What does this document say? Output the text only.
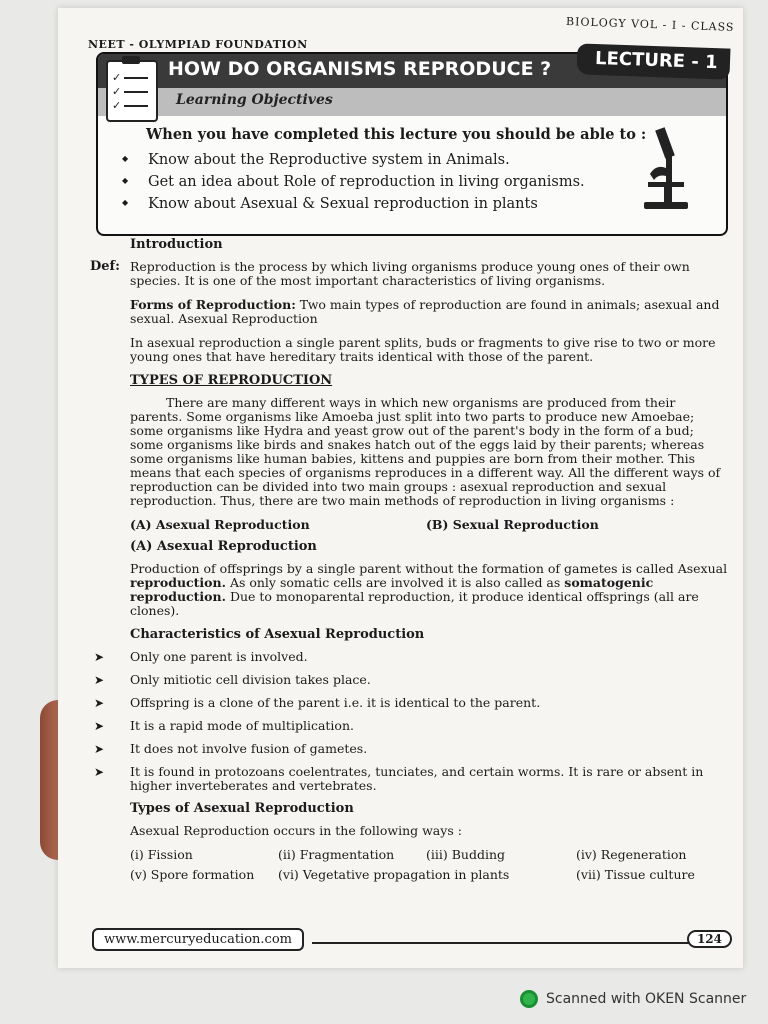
NEET - OLYMPIAD FOUNDATION
BIOLOGY VOL - I - CLASS
HOW DO ORGANISMS REPRODUCE ?	LECTURE - 1
Learning Objectives
✓
✓
✓
When you have completed this lecture you should be able to :
◆ Know about the Reproductive system in Animals.
◆ Get an idea about Role of reproduction in living organisms.
◆ Know about Asexual & Sexual reproduction in plants
Introduction
Def: Reproduction is the process by which living organisms produce young ones of their own species. It is one of the most important characteristics of living organisms.
Forms of Reproduction: Two main types of reproduction are found in animals; asexual and sexual. Asexual Reproduction
In asexual reproduction a single parent splits, buds or fragments to give rise to two or more young ones that have hereditary traits identical with those of the parent.
TYPES OF REPRODUCTION
There are many different ways in which new organisms are produced from their parents. Some organisms like Amoeba just split into two parts to produce new Amoebae; some organisms like Hydra and yeast grow out of the parent's body in the form of a bud; some organisms like birds and snakes hatch out of the eggs laid by their parents; whereas some organisms like human babies, kittens and puppies are born from their mother. This means that each species of organisms reproduces in a different way. All the different ways of reproduction can be divided into two main groups : asexual reproduction and sexual reproduction. Thus, there are two main methods of reproduction in living organisms :
(A) Asexual Reproduction	(B) Sexual Reproduction
(A) Asexual Reproduction
Production of offsprings by a single parent without the formation of gametes is called Asexual reproduction. As only somatic cells are involved it is also called as somatogenic reproduction. Due to monoparental reproduction, it produce identical offsprings (all are clones).
Characteristics of Asexual Reproduction
➤ Only one parent is involved.
➤ Only mitiotic cell division takes place.
➤ Offspring is a clone of the parent i.e. it is identical to the parent.
➤ It is a rapid mode of multiplication.
➤ It does not involve fusion of gametes.
➤ It is found in protozoans coelentrates, tunciates, and certain worms. It is rare or absent in higher inverteberates and vertebrates.
Types of Asexual Reproduction
Asexual Reproduction occurs in the following ways :
(i) Fission	(ii) Fragmentation	(iii) Budding	(iv) Regeneration
(v) Spore formation	(vi) Vegetative propagation in plants	(vii) Tissue culture
www.mercuryeducation.com	124
Scanned with OKEN Scanner
